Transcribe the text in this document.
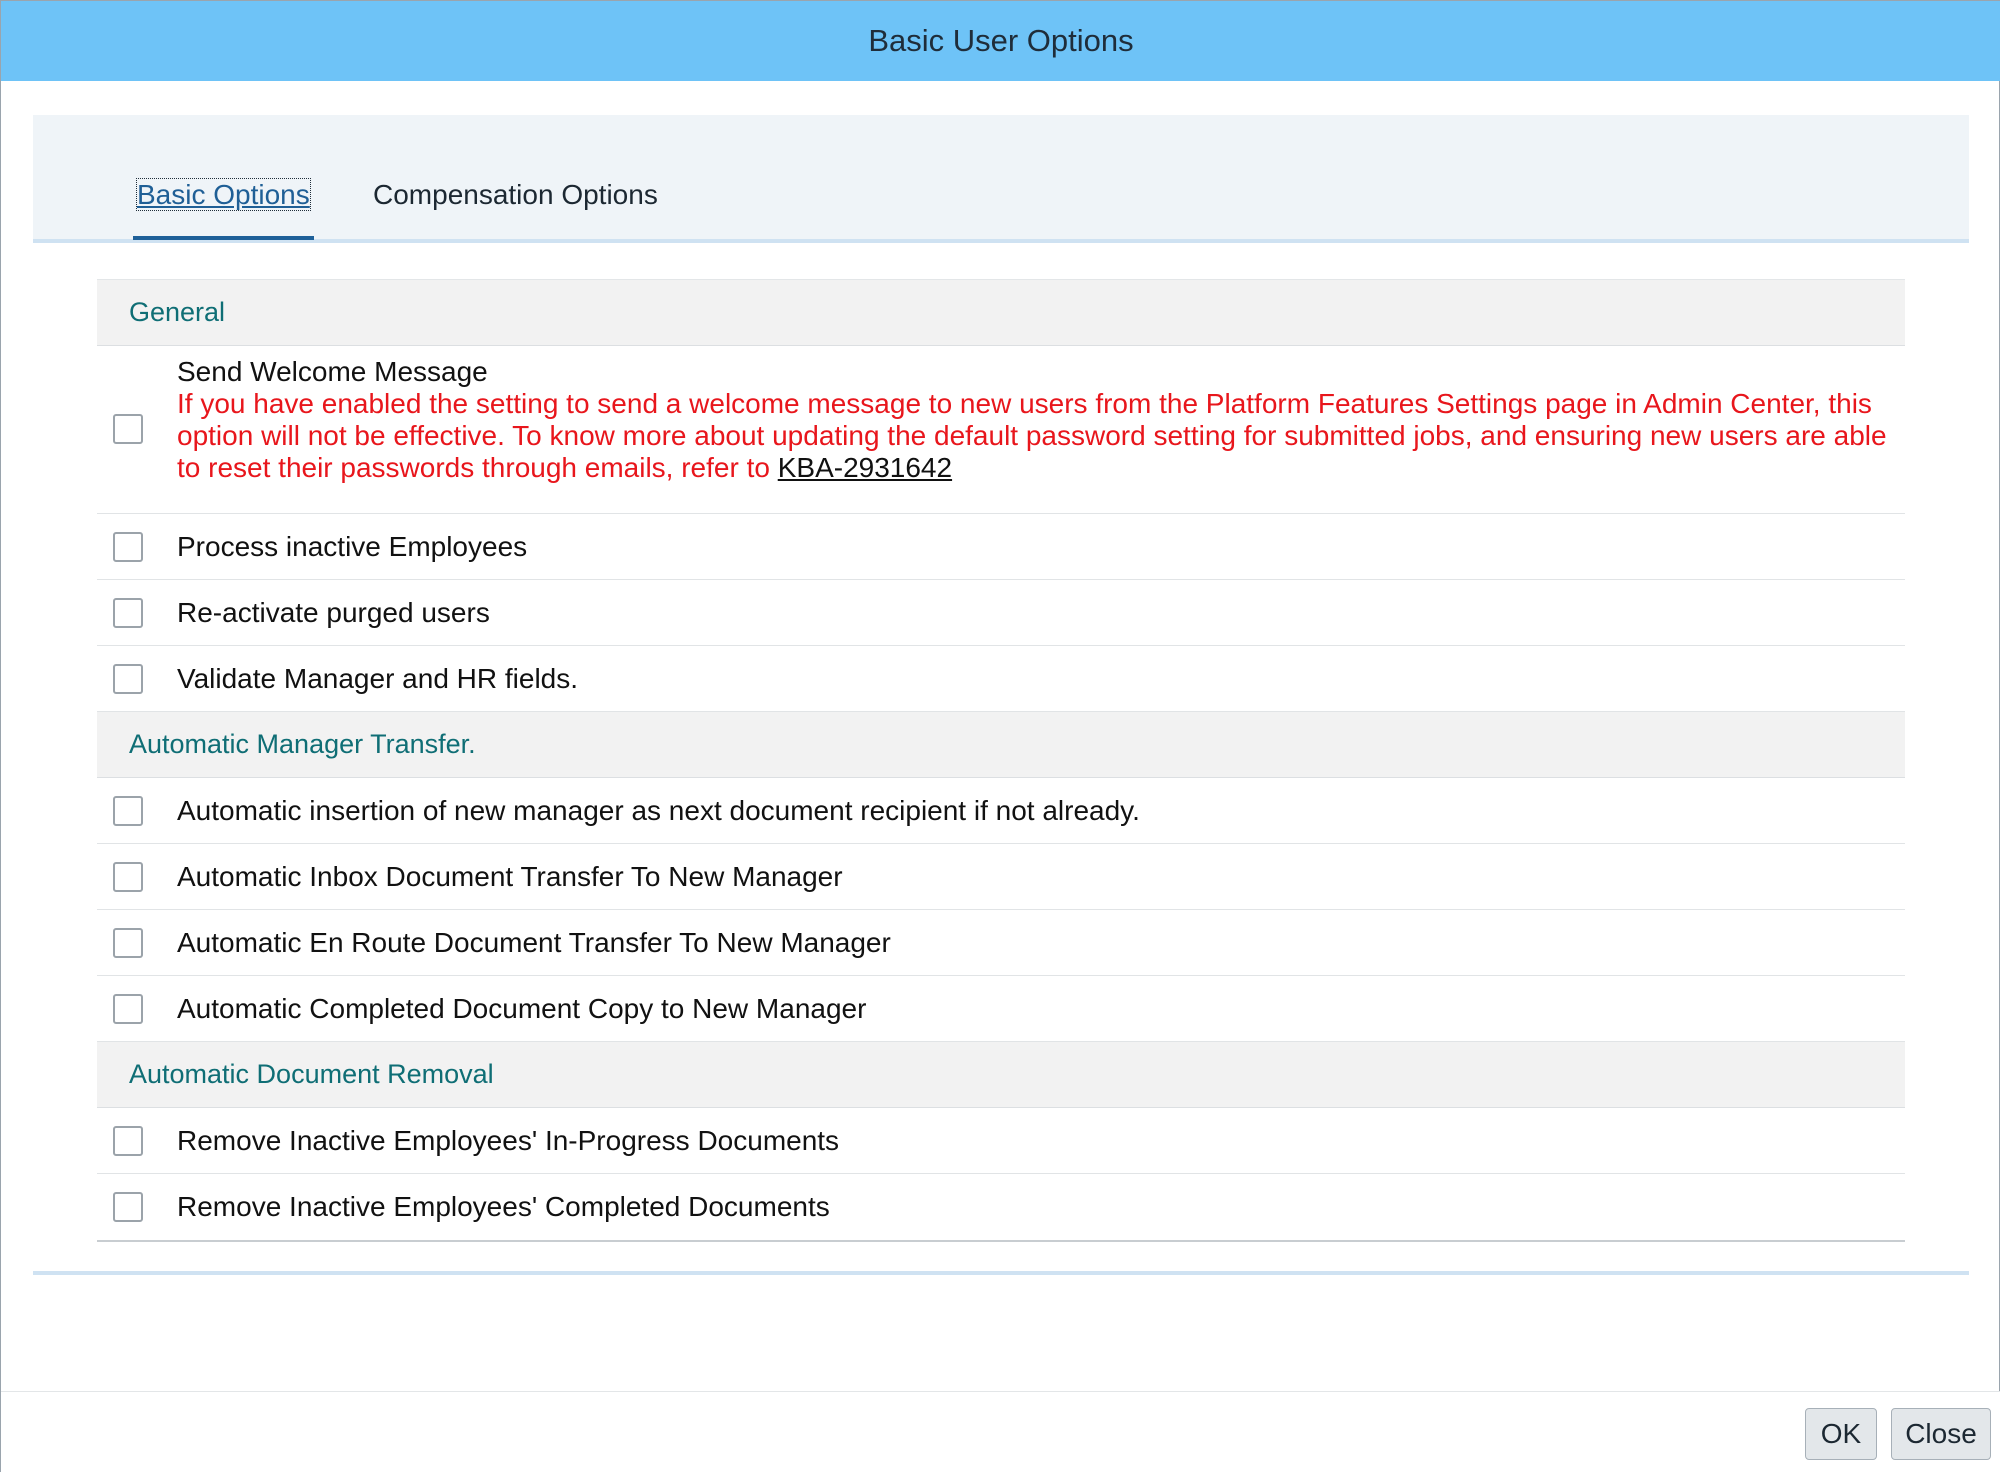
Basic User Options
Basic Options Compensation Options
General
Send Welcome Message
If you have enabled the setting to send a welcome message to new users from the Platform Features Settings page in Admin Center, this option will not be effective. To know more about updating the default password setting for submitted jobs, and ensuring new users are able to reset their passwords through emails, refer to KBA-2931642
Process inactive Employees
Re-activate purged users
Validate Manager and HR fields.
Automatic Manager Transfer.
Automatic insertion of new manager as next document recipient if not already.
Automatic Inbox Document Transfer To New Manager
Automatic En Route Document Transfer To New Manager
Automatic Completed Document Copy to New Manager
Automatic Document Removal
Remove Inactive Employees' In-Progress Documents
Remove Inactive Employees' Completed Documents
OK	Close
